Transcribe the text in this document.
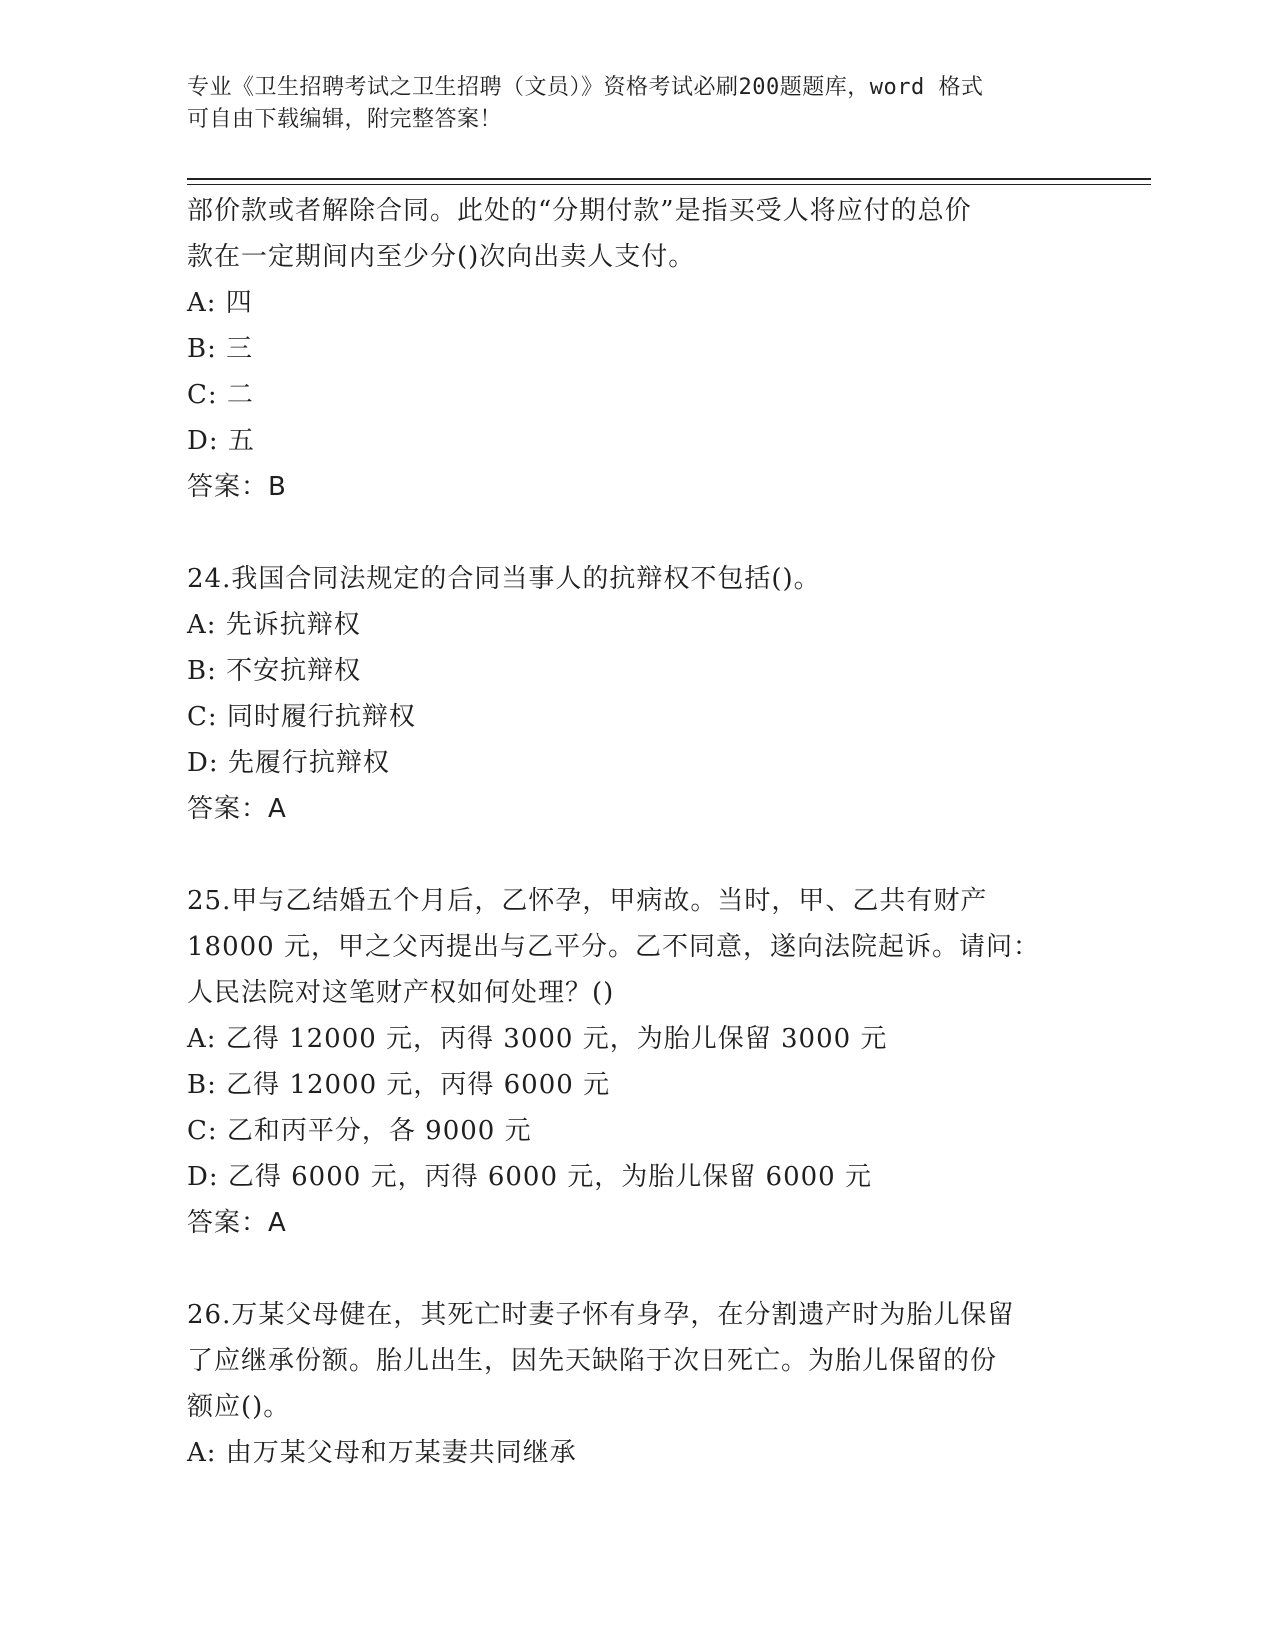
专业《卫生招聘考试之卫生招聘（文员）》资格考试必刷200题题库，word 格式
可自由下载编辑，附完整答案！
部价款或者解除合同。此处的“分期付款”是指买受人将应付的总价
款在一定期间内至少分()次向出卖人支付。
A: 四
B: 三
C: 二
D: 五
答案：B
24.我国合同法规定的合同当事人的抗辩权不包括()。
A: 先诉抗辩权
B: 不安抗辩权
C: 同时履行抗辩权
D: 先履行抗辩权
答案：A
25.甲与乙结婚五个月后，乙怀孕，甲病故。当时，甲、乙共有财产
18000 元，甲之父丙提出与乙平分。乙不同意，遂向法院起诉。请问：
人民法院对这笔财产权如何处理？()
A: 乙得 12000 元，丙得 3000 元，为胎儿保留 3000 元
B: 乙得 12000 元，丙得 6000 元
C: 乙和丙平分，各 9000 元
D: 乙得 6000 元，丙得 6000 元，为胎儿保留 6000 元
答案：A
26.万某父母健在，其死亡时妻子怀有身孕，在分割遗产时为胎儿保留
了应继承份额。胎儿出生，因先天缺陷于次日死亡。为胎儿保留的份
额应()。
A: 由万某父母和万某妻共同继承
